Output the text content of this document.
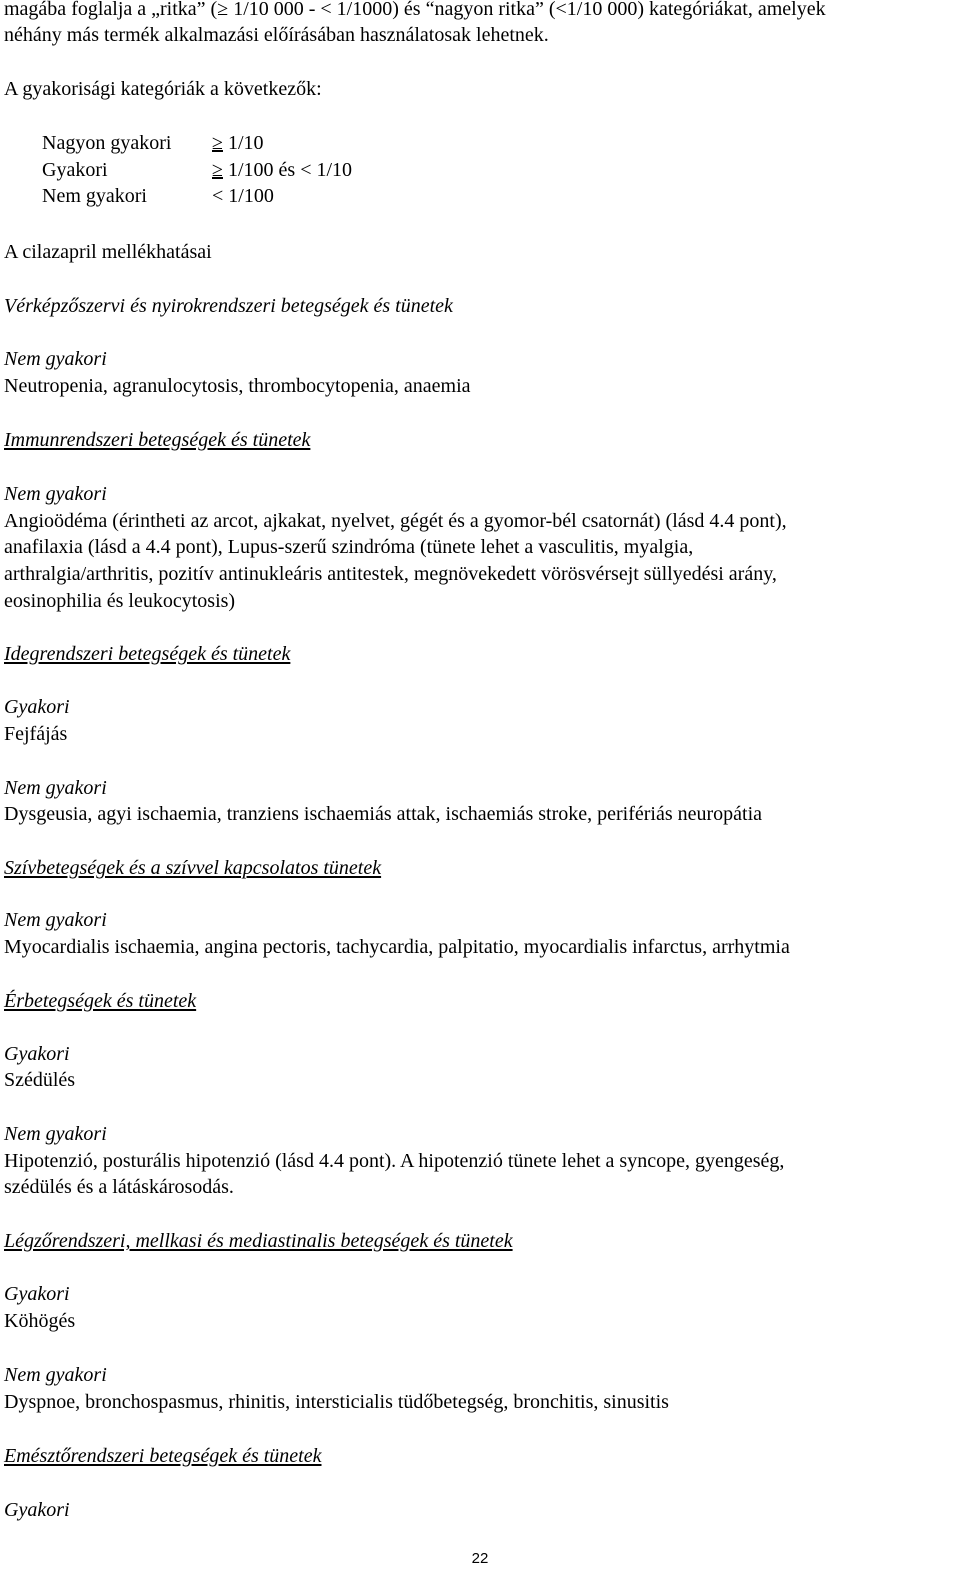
magába foglalja a „ritka” (≥ 1/10 000 - < 1/1000) és “nagyon ritka” (<1/10 000) kategóriákat, amelyek
néhány más termék alkalmazási előírásában használatosak lehetnek.
A gyakorisági kategóriák a következők:
Nagyon gyakori ≥ 1/10
Gyakori	≥ 1/100 és < 1/10
Nem gyakori	< 1/100
A cilazapril mellékhatásai
Vérképzőszervi és nyirokrendszeri betegségek és tünetek
Nem gyakori
Neutropenia, agranulocytosis, thrombocytopenia, anaemia
Immunrendszeri betegségek és tünetek
Nem gyakori
Angioödéma (érintheti az arcot, ajkakat, nyelvet, gégét és a gyomor-bél csatornát) (lásd 4.4 pont),
anafilaxia (lásd a 4.4 pont), Lupus-szerű szindróma (tünete lehet a vasculitis, myalgia,
arthralgia/arthritis, pozitív antinukleáris antitestek, megnövekedett vörösvérsejt süllyedési arány,
eosinophilia és leukocytosis)
Idegrendszeri betegségek és tünetek
Gyakori
Fejfájás
Nem gyakori
Dysgeusia, agyi ischaemia, tranziens ischaemiás attak, ischaemiás stroke, perifériás neuropátia
Szívbetegségek és a szívvel kapcsolatos tünetek
Nem gyakori
Myocardialis ischaemia, angina pectoris, tachycardia, palpitatio, myocardialis infarctus, arrhytmia
Érbetegségek és tünetek
Gyakori
Szédülés
Nem gyakori
Hipotenzió, posturális hipotenzió (lásd 4.4 pont). A hipotenzió tünete lehet a syncope, gyengeség,
szédülés és a látáskárosodás.
Légzőrendszeri, mellkasi és mediastinalis betegségek és tünetek
Gyakori
Köhögés
Nem gyakori
Dyspnoe, bronchospasmus, rhinitis, intersticialis tüdőbetegség, bronchitis, sinusitis
Emésztőrendszeri betegségek és tünetek
Gyakori
22
